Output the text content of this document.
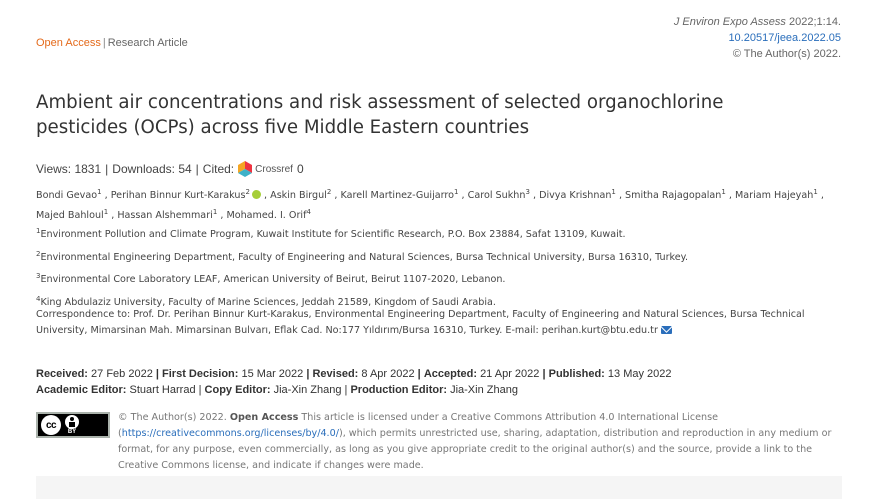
Open Access | Research Article
J Environ Expo Assess 2022;1:14.
10.20517/jeea.2022.05
© The Author(s) 2022.
Ambient air concentrations and risk assessment of selected organochlorine pesticides (OCPs) across five Middle Eastern countries
Views: 1831 | Downloads: 54 | Cited: Crossref 0
Bondi Gevao$^1$ , Perihan Binnur Kurt-Karakus$^2$ , Askin Birgul$^2$ , Karell Martinez-Guijarro$^1$ , Carol Sukhn$^3$ , Divya Krishnan$^1$ , Smitha Rajagopalan$^1$ , Mariam Hajeyah$^1$ , Majed Bahloul$^1$ , Hassan Alshemmari$^1$ , Mohamed. I. Orif$^4$
$^1$Environment Pollution and Climate Program, Kuwait Institute for Scientific Research, P.O. Box 23884, Safat 13109, Kuwait.
$^2$Environmental Engineering Department, Faculty of Engineering and Natural Sciences, Bursa Technical University, Bursa 16310, Turkey.
$^3$Environmental Core Laboratory LEAF, American University of Beirut, Beirut 1107-2020, Lebanon.
$^4$King Abdulaziz University, Faculty of Marine Sciences, Jeddah 21589, Kingdom of Saudi Arabia.
Correspondence to: Prof. Dr. Perihan Binnur Kurt-Karakus, Environmental Engineering Department, Faculty of Engineering and Natural Sciences, Bursa Technical University, Mimarsinan Mah. Mimarsinan Bulvarı, Eflak Cad. No:177 Yıldırım/Bursa 16310, Turkey. E-mail: perihan.kurt@btu.edu.tr
Received: 27 Feb 2022 | First Decision: 15 Mar 2022 | Revised: 8 Apr 2022 | Accepted: 21 Apr 2022 | Published: 13 May 2022
Academic Editor: Stuart Harrad | Copy Editor: Jia-Xin Zhang | Production Editor: Jia-Xin Zhang
cc
BY
© The Author(s) 2022. Open Access This article is licensed under a Creative Commons Attribution 4.0 International License (https://creativecommons.org/licenses/by/4.0/), which permits unrestricted use, sharing, adaptation, distribution and reproduction in any medium or format, for any purpose, even commercially, as long as you give appropriate credit to the original author(s) and the source, provide a link to the Creative Commons license, and indicate if changes were made.
